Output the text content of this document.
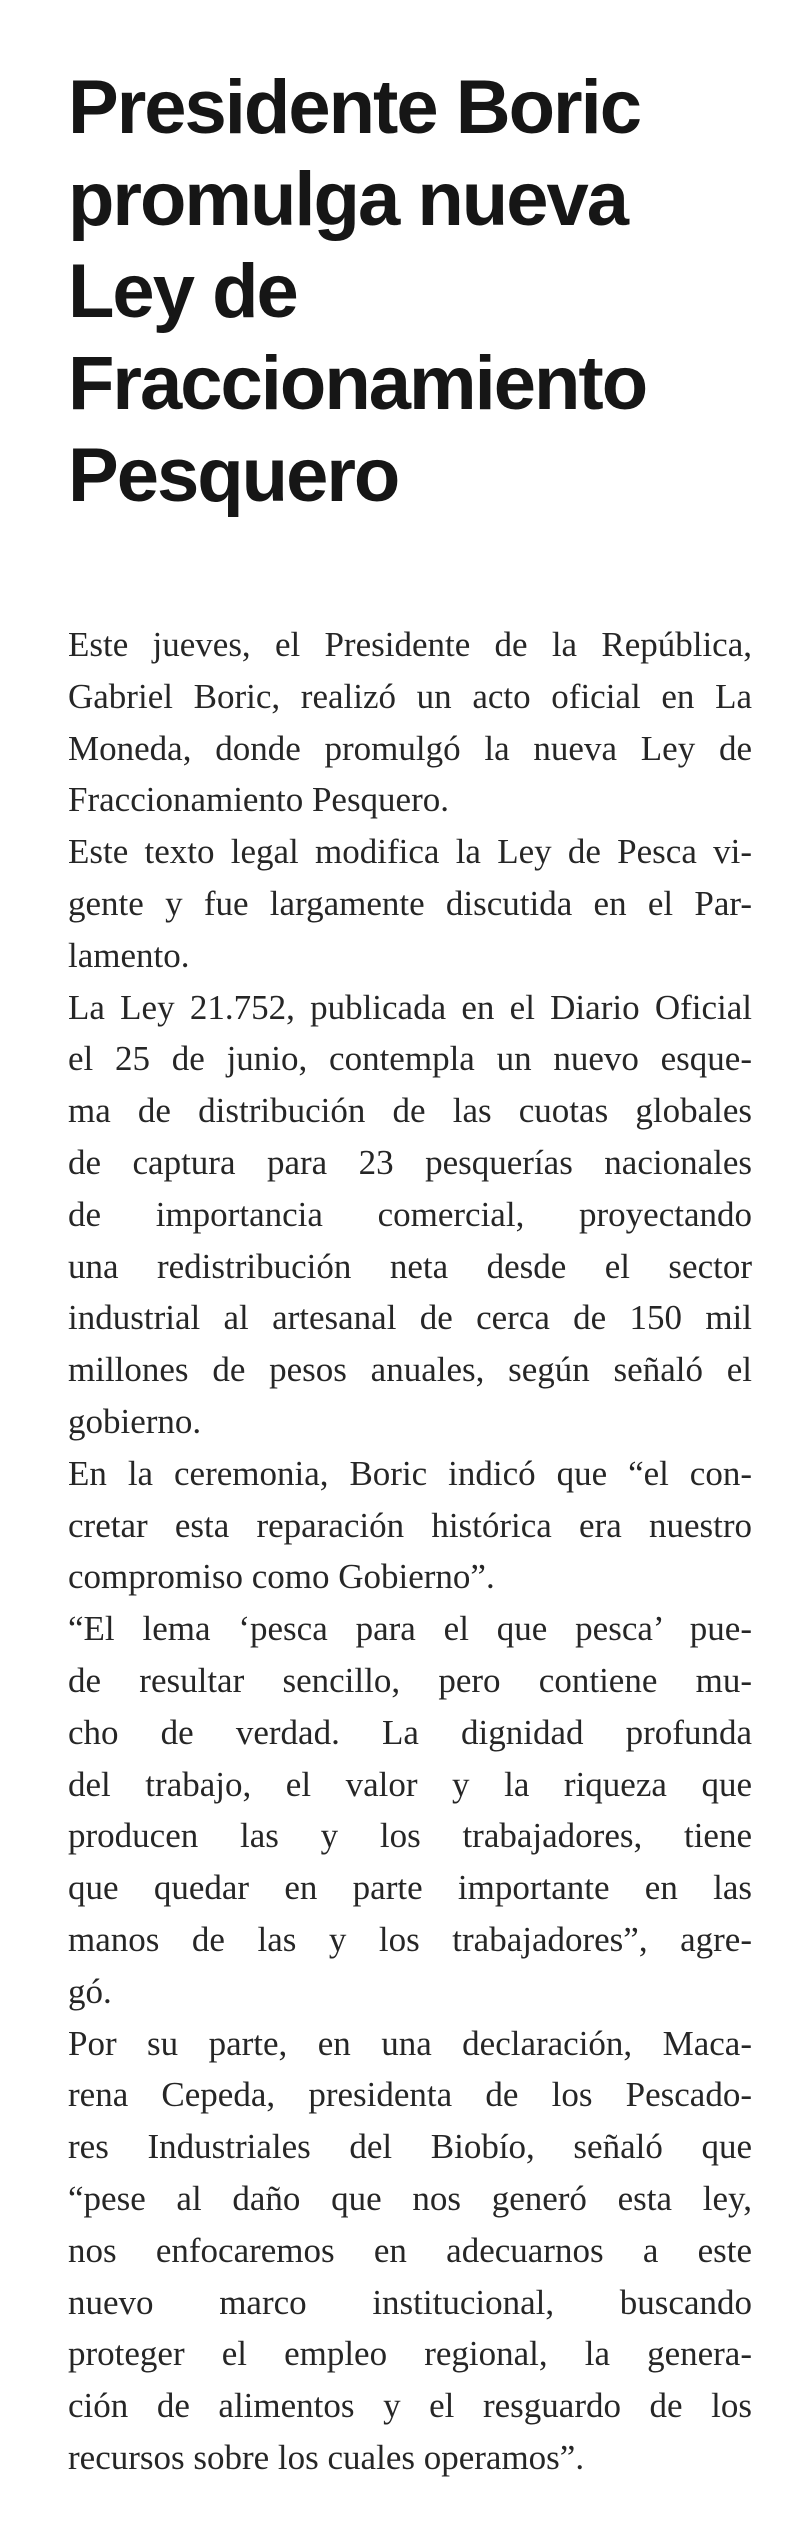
Presidente Boric
promulga nueva
Ley de
Fraccionamiento
Pesquero

Este jueves, el Presidente de la República,
Gabriel Boric, realizó un acto oficial en La
Moneda, donde promulgó la nueva Ley de
Fraccionamiento Pesquero.

Este texto legal modifica la Ley de Pesca vi-
gente y fue largamente discutida en el Par-
lamento.

La Ley 21.752, publicada en el Diario Oficial
el 25 de junio, contempla un nuevo esque-
ma de distribución de las cuotas globales
de captura para 23 pesquerías nacionales
de importancia comercial, proyectando
una redistribución neta desde el sector
industrial al artesanal de cerca de 150 mil
millones de pesos anuales, según señaló el
gobierno.

En la ceremonia, Boric indicó que “el con-
cretar esta reparación histórica era nuestro
compromiso como Gobierno”.

“El lema ‘pesca para el que pesca’ pue-
de resultar sencillo, pero contiene mu-
cho de verdad. La dignidad profunda
del trabajo, el valor y la riqueza que
producen las y los trabajadores, tiene
que quedar en parte importante en las
manos de las y los trabajadores”, agre-
gó.

Por su parte, en una declaración, Maca-
rena Cepeda, presidenta de los Pescado-
res Industriales del Biobío, señaló que
“pese al daño que nos generó esta ley,
nos enfocaremos en adecuarnos a este
nuevo marco institucional, buscando
proteger el empleo regional, la genera-
ción de alimentos y el resguardo de los
recursos sobre los cuales operamos”.
